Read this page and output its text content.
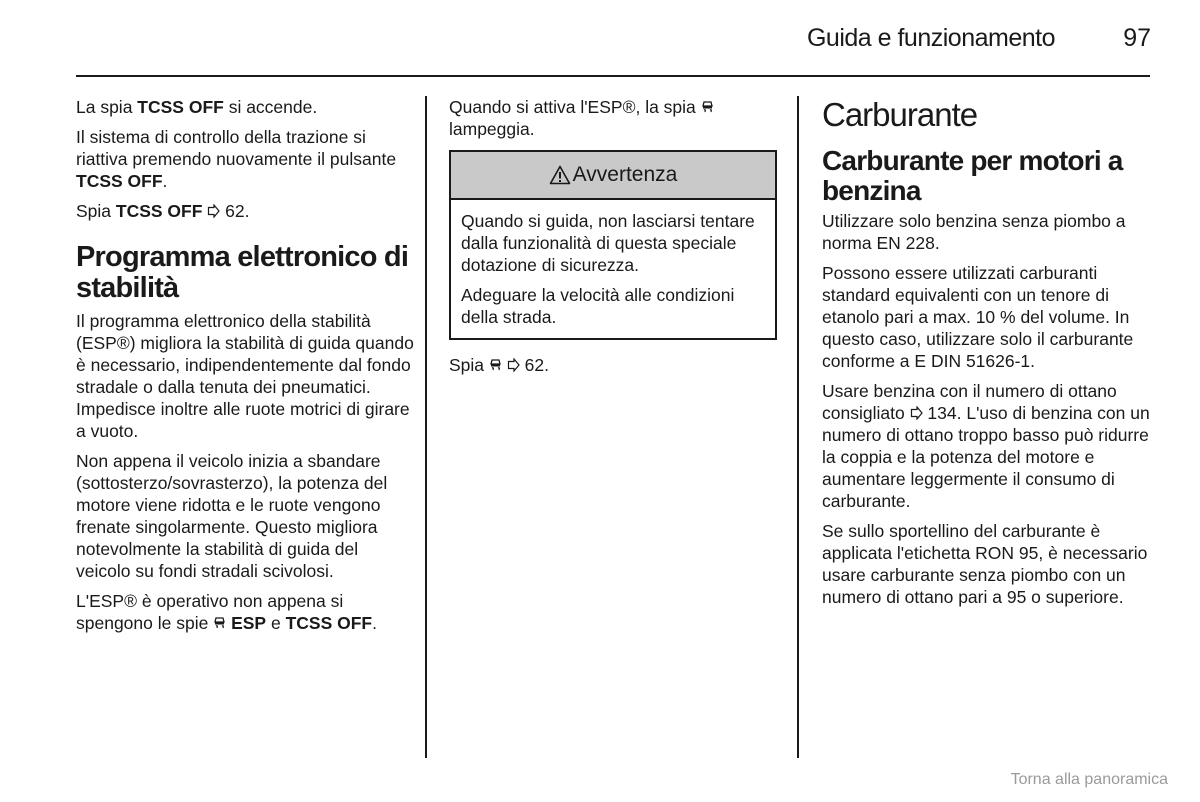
Guida e funzionamento	97

La spia TCSS OFF si accende.

Il sistema di controllo della trazione si riattiva premendo nuovamente il pulsante TCSS OFF.

Spia TCSS OFF
62.

Programma elettronico di stabilità

Il programma elettronico della stabilità (ESP®) migliora la stabilità di guida quando è necessario, indipendentemente dal fondo stradale o dalla tenuta dei pneumatici. Impedisce inoltre alle ruote motrici di girare a vuoto.

Non appena il veicolo inizia a sbandare (sottosterzo/sovrasterzo), la potenza del motore viene ridotta e le ruote vengono frenate singolarmente. Questo migliora notevolmente la stabilità di guida del veicolo su fondi stradali scivolosi.

L'ESP® è operativo non appena si spengono le spie
ESP e TCSS OFF.

Quando si attiva l'ESP®, la spia
lampeggia.

Avvertenza

Quando si guida, non lasciarsi tentare dalla funzionalità di questa speciale dotazione di sicurezza.

Adeguare la velocità alle condizioni della strada.

Spia

62.

Carburante
Carburante per motori a benzina

Utilizzare solo benzina senza piombo a norma EN 228.

Possono essere utilizzati carburanti standard equivalenti con un tenore di etanolo pari a max. 10 % del volume. In questo caso, utilizzare solo il carburante conforme a E DIN 51626-1.

Usare benzina con il numero di ottano consigliato
134. L'uso di benzina con un numero di ottano troppo basso può ridurre la coppia e la potenza del motore e aumentare leggermente il consumo di carburante.

Se sullo sportellino del carburante è applicata l'etichetta RON 95, è necessario usare carburante senza piombo con un numero di ottano pari a 95 o superiore.

Torna alla panoramica
